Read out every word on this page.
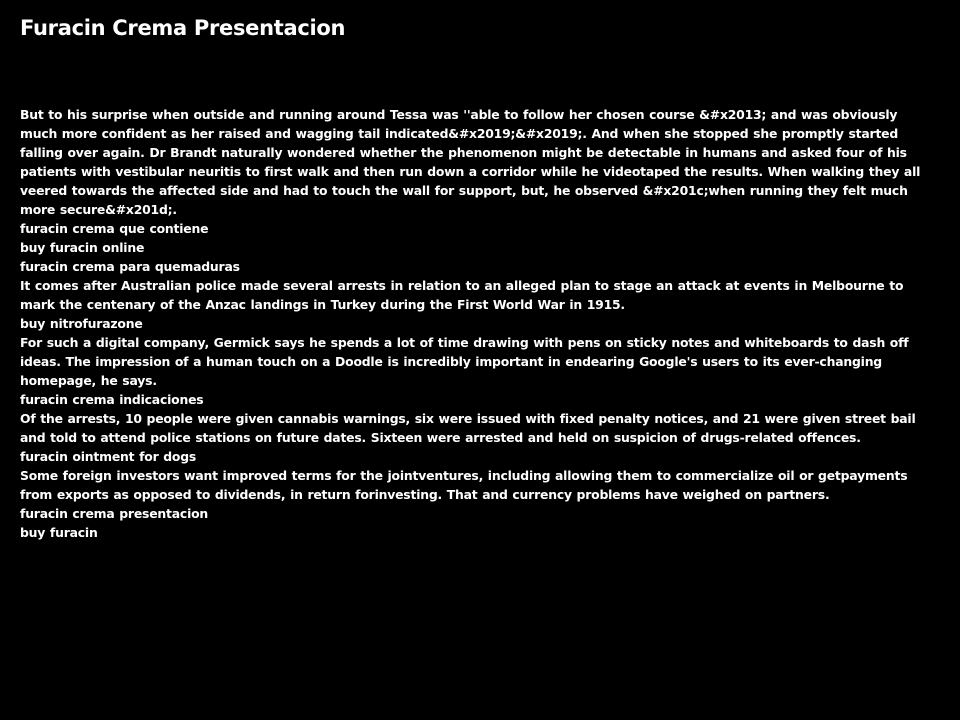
Furacin Crema Presentacion
But to his surprise when outside and running around Tessa was ''able to follow her chosen course &#x2013; and was obviously much more confident as her raised and wagging tail indicated&#x2019;&#x2019;. And when she stopped she promptly started falling over again. Dr Brandt naturally wondered whether the phenomenon might be detectable in humans and asked four of his patients with vestibular neuritis to first walk and then run down a corridor while he videotaped the results. When walking they all veered towards the affected side and had to touch the wall for support, but, he observed &#x201c;when running they felt much more secure&#x201d;.
furacin crema que contiene
buy furacin online
furacin crema para quemaduras
It comes after Australian police made several arrests in relation to an alleged plan to stage an attack at events in Melbourne to mark the centenary of the Anzac landings in Turkey during the First World War in 1915.
buy nitrofurazone
For such a digital company, Germick says he spends a lot of time drawing with pens on sticky notes and whiteboards to dash off ideas. The impression of a human touch on a Doodle is incredibly important in endearing Google's users to its ever-changing homepage, he says.
furacin crema indicaciones
Of the arrests, 10 people were given cannabis warnings, six were issued with fixed penalty notices, and 21 were given street bail and told to attend police stations on future dates. Sixteen were arrested and held on suspicion of drugs-related offences.
furacin ointment for dogs
Some foreign investors want improved terms for the jointventures, including allowing them to commercialize oil or getpayments from exports as opposed to dividends, in return forinvesting. That and currency problems have weighed on partners.
furacin crema presentacion
buy furacin
